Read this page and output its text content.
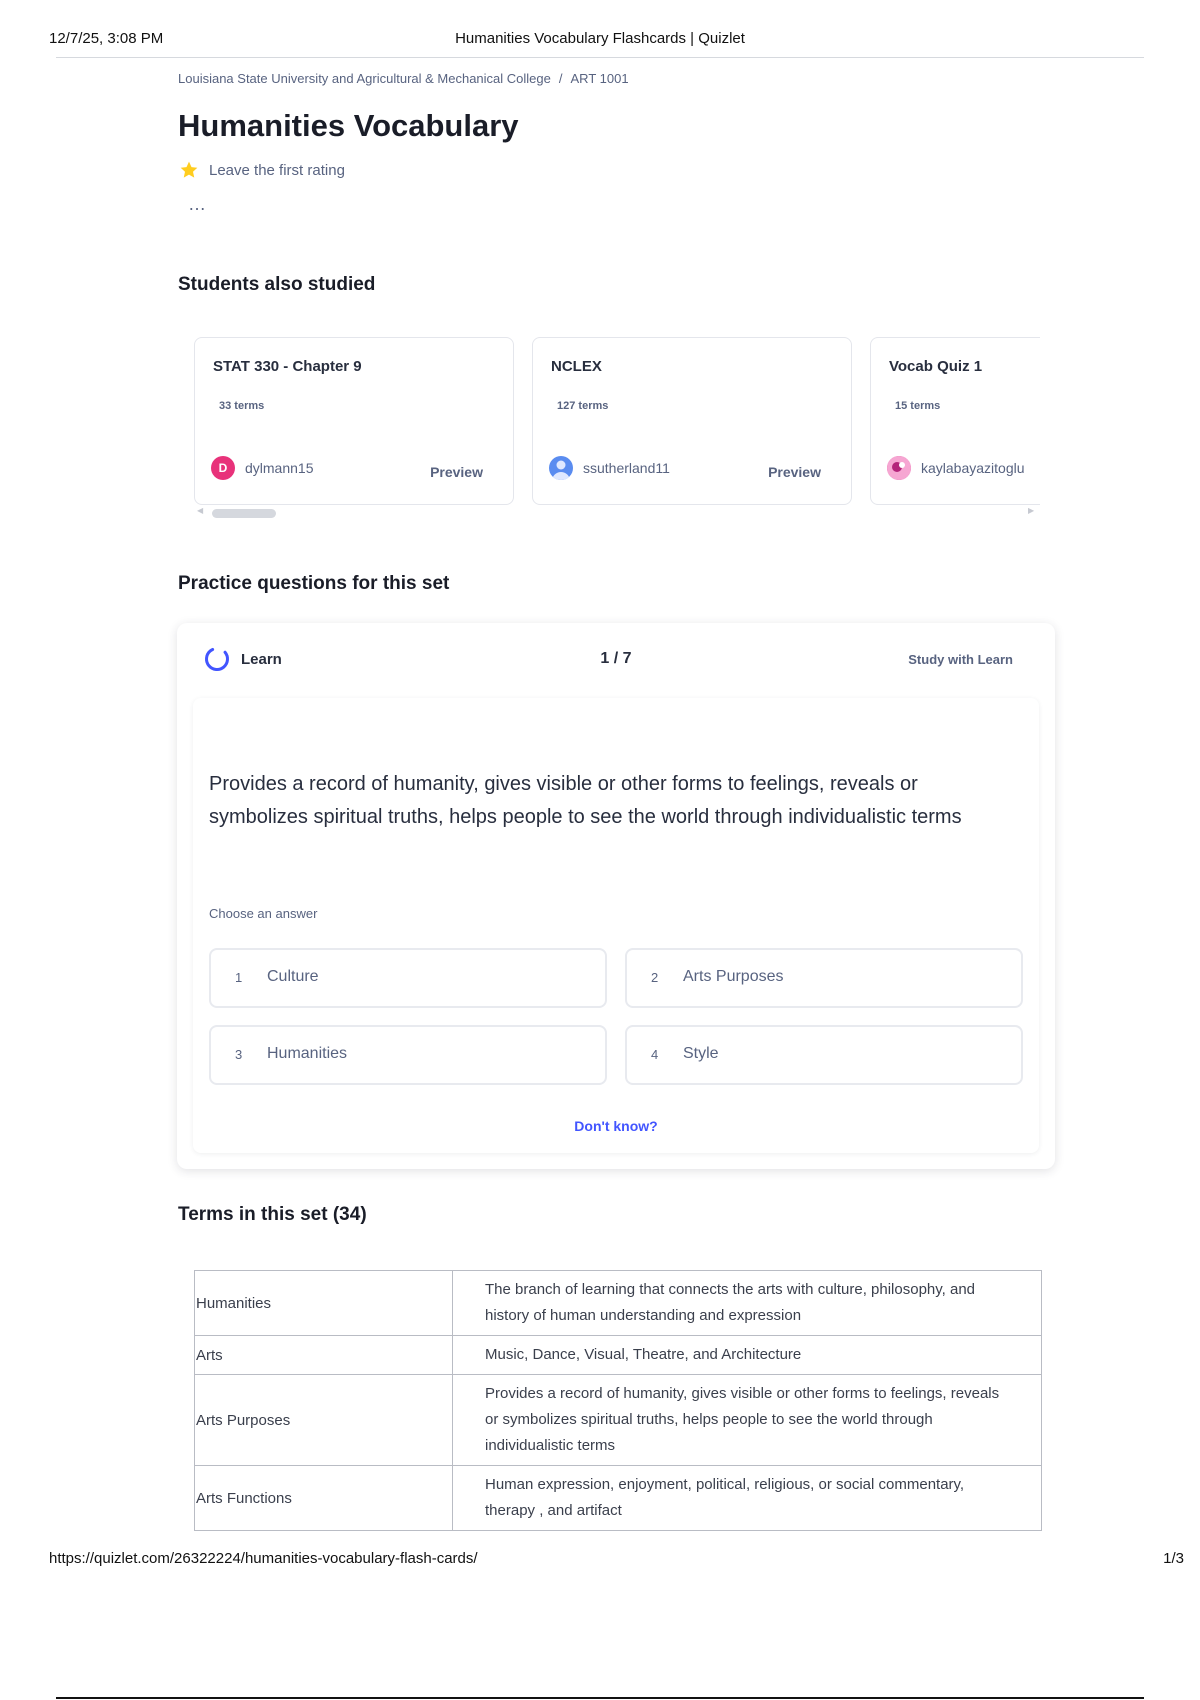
12/7/25, 3:08 PM	Humanities Vocabulary Flashcards | Quizlet
Louisiana State University and Agricultural & Mechanical College / ART 1001
Humanities Vocabulary
Leave the first rating
…
Students also studied
STAT 330 - Chapter 9
33 terms
D	dylmann15	Preview
NCLEX
127 terms
ssutherland11	Preview
Vocab Quiz 1
15 terms
kaylabayazitoglu
◀	▶
Practice questions for this set
Learn	1 / 7	Study with Learn
Provides a record of humanity, gives visible or other forms to feelings, reveals or symbolizes spiritual truths, helps people to see the world through individualistic terms
Choose an answer
1 Culture	2 Arts Purposes
3 Humanities	4 Style
Don't know?
Terms in this set (34)
Humanities	The branch of learning that connects the arts with culture, philosophy, and history of human understanding and expression
Arts	Music, Dance, Visual, Theatre, and Architecture
Arts Purposes	Provides a record of humanity, gives visible or other forms to feelings, reveals or symbolizes spiritual truths, helps people to see the world through individualistic terms
Arts Functions	Human expression, enjoyment, political, religious, or social commentary, therapy , and artifact
https://quizlet.com/26322224/humanities-vocabulary-flash-cards/	1/3
